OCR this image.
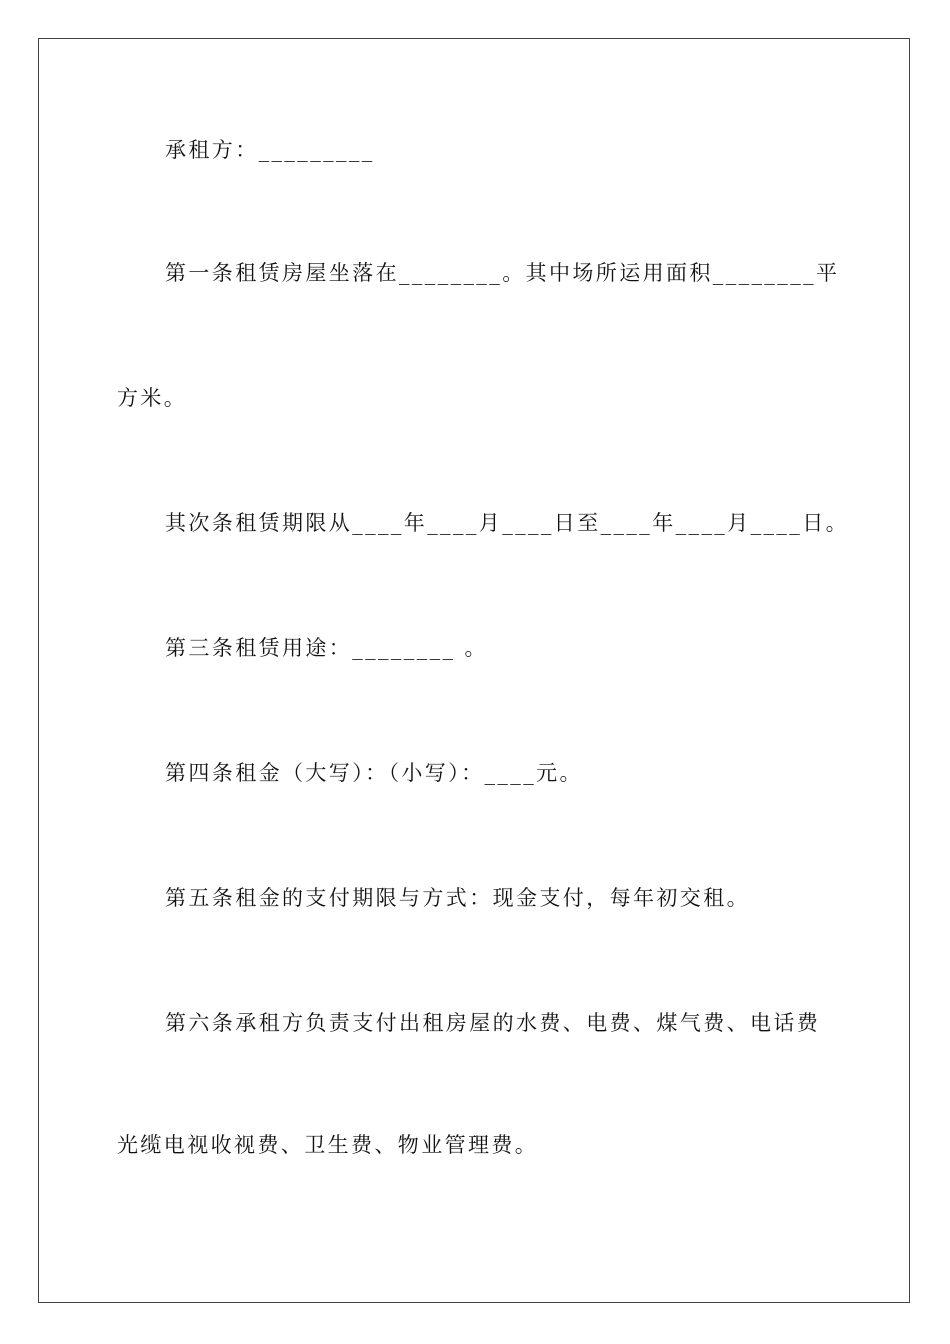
承租方：_________
第一条租赁房屋坐落在________。其中场所运用面积________平
方米。
其次条租赁期限从____年____月____日至____年____月____日。
第三条租赁用途：________ 。
第四条租金（大写）：（小写）：____元。
第五条租金的支付期限与方式：现金支付，每年初交租。
第六条承租方负责支付出租房屋的水费、电费、煤气费、电话费
光缆电视收视费、卫生费、物业管理费。
